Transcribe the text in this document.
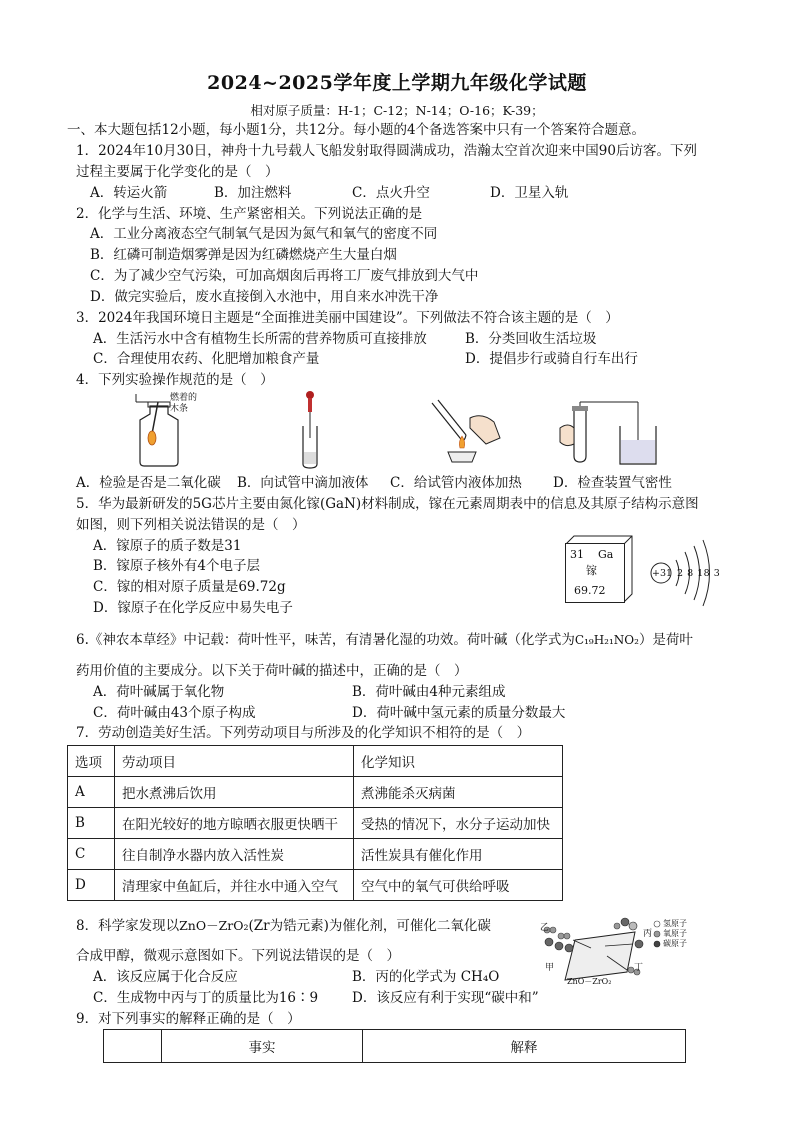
2024~2025学年度上学期九年级化学试题
相对原子质量：H-1；C-12；N-14；O-16；K-39；
一、本大题包括12小题，每小题1分，共12分。每小题的4个备选答案中只有一个答案符合题意。
1．2024年10月30日，神舟十九号载人飞船发射取得圆满成功，浩瀚太空首次迎来中国90后访客。下列
过程主要属于化学变化的是（　）
A．转运火箭	B．加注燃料	C．点火升空	D．卫星入轨
2．化学与生活、环境、生产紧密相关。下列说法正确的是
A．工业分离液态空气制氧气是因为氮气和氧气的密度不同
B．红磷可制造烟雾弹是因为红磷燃烧产生大量白烟
C．为了减少空气污染，可加高烟囱后再将工厂废气排放到大气中
D．做完实验后，废水直接倒入水池中，用自来水冲洗干净
3．2024年我国环境日主题是“全面推进美丽中国建设”。下列做法不符合该主题的是（　）
A．生活污水中含有植物生长所需的营养物质可直接排放	B．分类回收生活垃圾
C．合理使用农药、化肥增加粮食产量	D．提倡步行或骑自行车出行
4．下列实验操作规范的是（　）
燃着的木条
A．检验是否是二氧化碳 B．向试管中滴加液体 C．给试管内液体加热 D．检查装置气密性
5．华为最新研发的5G芯片主要由氮化镓(GaN)材料制成，镓在元素周期表中的信息及其原子结构示意图
如图，则下列相关说法错误的是（　）
A．镓原子的质子数是31
B．镓原子核外有4个电子层
C．镓的相对原子质量是69.72g
D．镓原子在化学反应中易失电子
31 Ga
镓
69.72
+31 2 8 18 3
6.《神农本草经》中记载：荷叶性平，味苦，有清暑化湿的功效。荷叶碱（化学式为C₁₉H₂₁NO₂）是荷叶
药用价值的主要成分。以下关于荷叶碱的描述中，正确的是（　）
A．荷叶碱属于氧化物	B．荷叶碱由4种元素组成
C．荷叶碱由43个原子构成	D．荷叶碱中氢元素的质量分数最大
7．劳动创造美好生活。下列劳动项目与所涉及的化学知识不相符的是（　）
选项	劳动项目	化学知识
A	把水煮沸后饮用	煮沸能杀灭病菌
B	在阳光较好的地方晾晒衣服更快晒干	受热的情况下，水分子运动加快
C	往自制净水器内放入活性炭	活性炭具有催化作用
D	清理家中鱼缸后，并往水中通入空气	空气中的氧气可供给呼吸
8．科学家发现以ZnO－ZrO₂(Zr为锆元素)为催化剂，可催化二氧化碳
合成甲醇，微观示意图如下。下列说法错误的是（　）
A．该反应属于化合反应	B．丙的化学式为 CH₄O
C．生成物中丙与丁的质量比为16∶9	D．该反应有利于实现“碳中和”
乙
甲
丙
丁
ZnO－ZrO₂
氢原子
氧原子
碳原子
9．对下列事实的解释正确的是（　）
	事实	解释
